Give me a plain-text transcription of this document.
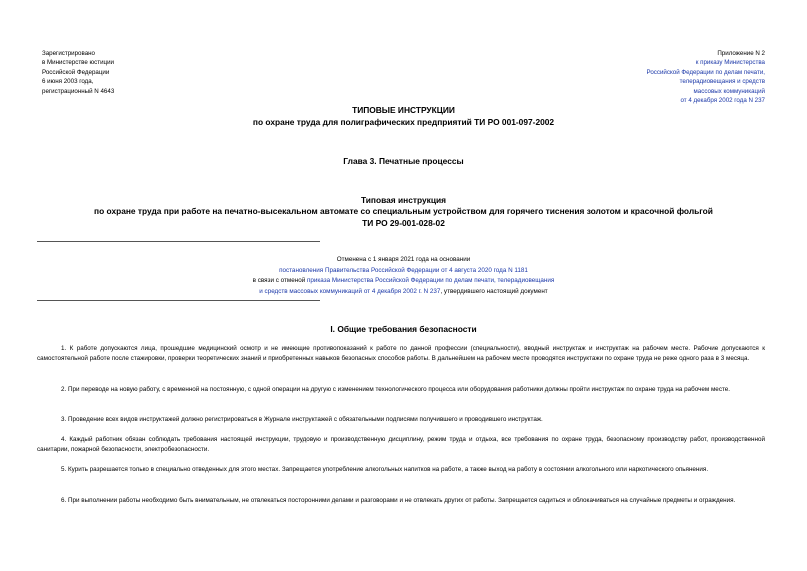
Зарегистрировано
в Министерстве юстиции
Российской Федерации
6 июня 2003 года,
регистрационный N 4643
Приложение N 2
к приказу Министерства
Российской Федерации по делам печати,
телерадиовещания и средств
массовых коммуникаций
от 4 декабря 2002 года N 237
ТИПОВЫЕ ИНСТРУКЦИИ
по охране труда для полиграфических предприятий ТИ РО 001-097-2002
Глава 3. Печатные процессы
Типовая инструкция
по охране труда при работе на печатно-высекальном автомате со специальным устройством для горячего тиснения золотом и красочной фольгой
ТИ РО 29-001-028-02
Отменена с 1 января 2021 года на основании
постановления Правительства Российской Федерации от 4 августа 2020 года N 1181
в связи с отменой приказа Министерства Российской Федерации по делам печати, телерадиовещания
и средств массовых коммуникаций от 4 декабря 2002 г. N 237, утвердившего настоящий документ
I. Общие требования безопасности

1. К работе допускаются лица, прошедшие медицинский осмотр и не имеющие противопоказаний к работе по данной профессии (специальности), вводный инструктаж и инструктаж на рабочем месте. Рабочие допускаются к самостоятельной работе после стажировки, проверки теоретических знаний и приобретенных навыков безопасных способов работы. В дальнейшем на рабочем месте проводятся инструктажи по охране труда не реже одного раза в 3 месяца.

2. При переводе на новую работу, с временной на постоянную, с одной операции на другую с изменением технологического процесса или оборудования работники должны пройти инструктаж по охране труда на рабочем месте.

3. Проведение всех видов инструктажей должно регистрироваться в Журнале инструктажей с обязательными подписями получившего и проводившего инструктаж.

4. Каждый работник обязан соблюдать требования настоящей инструкции, трудовую и производственную дисциплину, режим труда и отдыха, все требования по охране труда, безопасному производству работ, производственной санитарии, пожарной безопасности, электробезопасности.

5. Курить разрешается только в специально отведенных для этого местах. Запрещается употребление алкогольных напитков на работе, а также выход на работу в состоянии алкогольного или наркотического опьянения.

6. При выполнении работы необходимо быть внимательным, не отвлекаться посторонними делами и разговорами и не отвлекать других от работы. Запрещается садиться и облокачиваться на случайные предметы и ограждения.
